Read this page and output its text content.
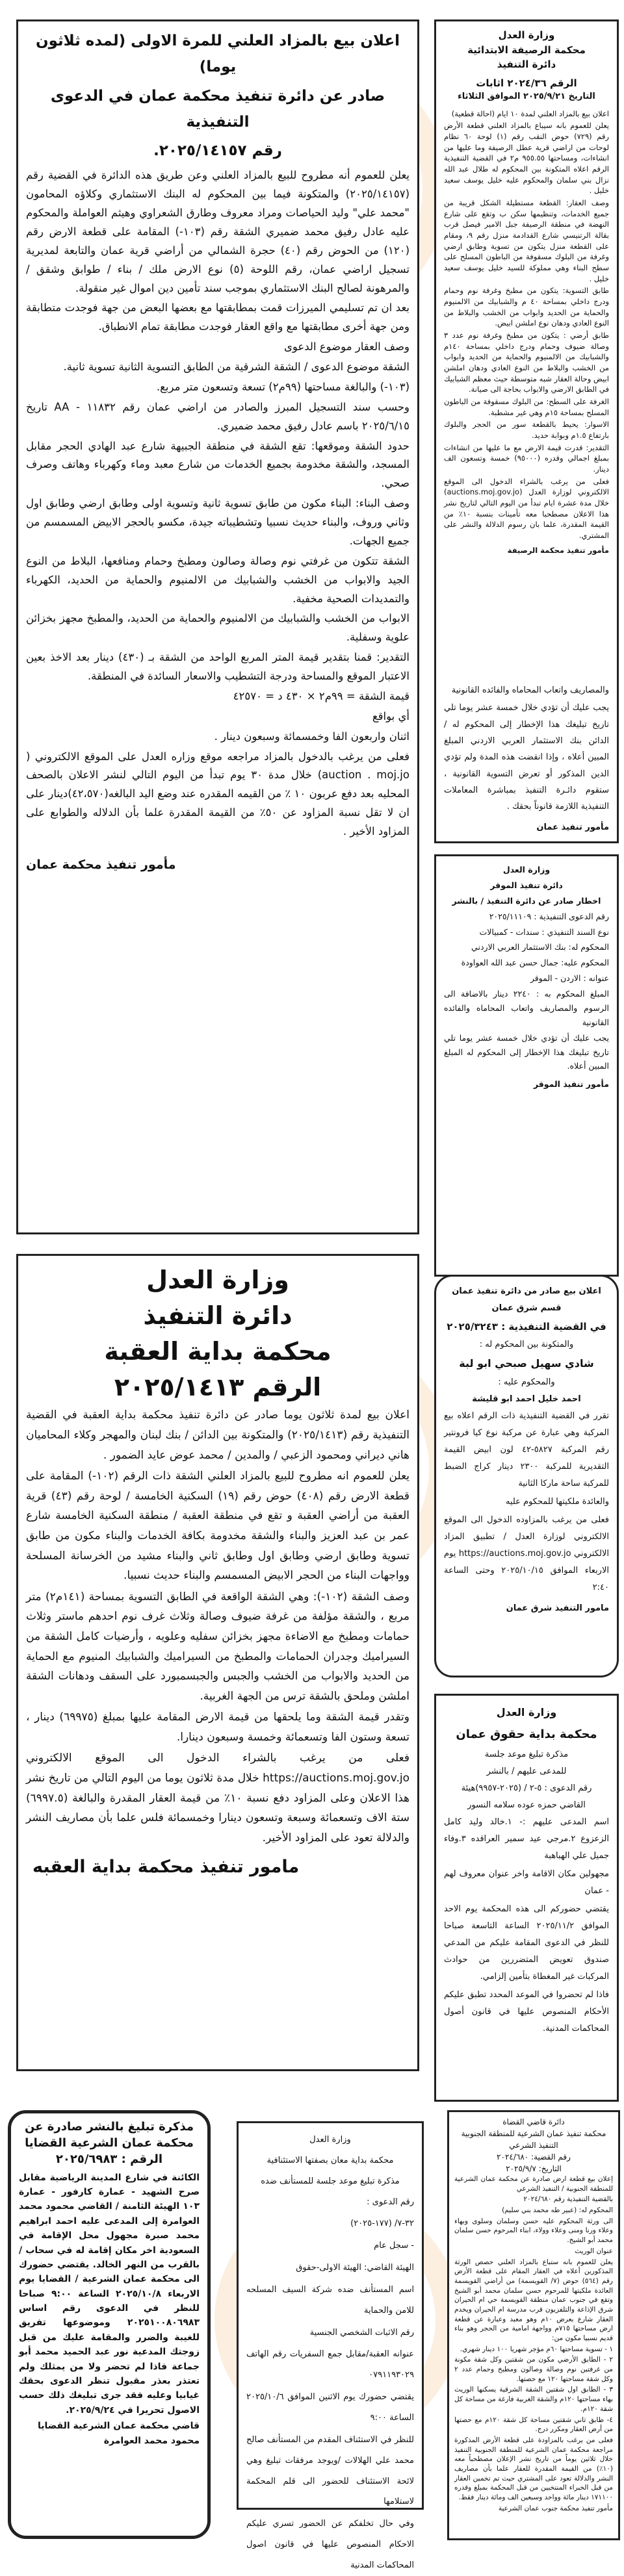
اعلان بيع بالمزاد العلني للمرة الاولى (لمده ثلاثون يوما)
صادر عن دائرة تنفيذ محكمة عمان في الدعوى التنفيذية
رقم ٢٠٢٥/١٤١٥٧.
يعلن للعموم أنه مطروح للبيع بالمزاد العلني وعن طريق هذه الدائرة في القضية رقم (٢٠٢٥/١٤١٥٧) والمتكونة فيما بين المحكوم له البنك الاستثماري وكلاؤه المحامون "محمد علي" وليد الحياصات ومراد معروف وطارق الشعراوي وهيثم العواملة والمحكوم عليه عادل رفيق محمد ضميري الشقة رقم (١٠٣-) المقامة على قطعة الارض رقم (١٢٠) من الحوض رقم (٤٠) حجرة الشمالي من أراضي قرية عمان والتابعة لمديرية تسجيل اراضي عمان، رقم اللوحة (٥) نوع الارض ملك / بناء / طوابق وشقق / والمرهونة لصالح البنك الاستثماري بموجب سند تأمين دين اموال غير منقولة.
بعد ان تم تسليمي الميرزات قمت بمطابقتها مع بعضها البعض من جهة فوجدت متطابقة ومن جهة أخرى مطابقتها مع واقع العقار فوجدت مطابقة تمام الانطباق.
وصف العقار موضوع الدعوى
الشقة موضوع الدعوى / الشقة الشرقية من الطابق التسوية الثانية تسوية ثانية.
(١٠٣-) والبالغة مساحتها (٩٩م٢) تسعة وتسعون متر مربع.
وحسب سند التسجيل المبرز والصادر من اراضي عمان رقم ١١٨٣٢ - AA تاريخ ٢٠٢٥/٦/١٥ باسم عادل رفيق محمد ضميري.
حدود الشقة وموقعها: تقع الشقة في منطقة الجبيهة شارع عبد الهادي الحجر مقابل المسجد، والشقة مخدومة بجميع الخدمات من شارع معبد وماء وكهرباء وهاتف وصرف صحي.
وصف البناء: البناء مكون من طابق تسوية ثانية وتسوية اولى وطابق ارضي وطابق اول وثاني وروف، والبناء حديث نسبيا وتشطيباته جيدة، مكسو بالحجر الابيض المسمسم من جميع الجهات.
الشقة تتكون من غرفتي نوم وصالة وصالون ومطبخ وحمام ومنافعها، البلاط من النوع الجيد والابواب من الخشب والشبابيك من الالمنيوم والحماية من الحديد، الكهرباء والتمديدات الصحية مخفية.
الابواب من الخشب والشبابيك من الالمنيوم والحماية من الحديد، والمطبخ مجهز بخزائن علوية وسفلية.
التقدير: قمنا بتقدير قيمة المتر المربع الواحد من الشقة بـ (٤٣٠) دينار بعد الاخذ بعين الاعتبار الموقع والمساحة ودرجة التشطيب والاسعار السائدة في المنطقة.
قيمة الشقة = ٩٩م٢ × ٤٣٠ د = ٤٢٥٧٠
أي بواقع
اثنان واربعون الفا وخمسمائة وسبعون دينار .
فعلى من يرغب بالدخول بالمزاد مراجعه موقع وزاره العدل على الموقع الالكتروني ( auction . moj.jo) خلال مدة ٣٠ يوم تبدأ من اليوم التالي لنشر الاعلان بالصحف المحليه بعد دفع عربون ١٠ ٪ من القيمه المقدره عند وضع اليد البالغه(٤٢،٥٧٠)دينار على ان لا تقل نسبة المزاود عن ٥٠٪ من القيمة المقدرة علما بأن الدلاله والطوابع على المزاود الأخير .
مأمور تنفيذ محكمة عمان
وزارة العدل
محكمة الرصيفة الابتدائية
دائرة التنفيذ
الرقم ٢٠٢٤/٣٦ اثابات
التاريخ ٢٠٢٥/٩/٢١ الموافق الثلاثاء
اعلان بيع بالمزاد العلني لمدة ١٠ ايام (احالة قطعية)
يعلن للعموم بانه سيباع بالمزاد العلني قطعة الأرض رقم (٧٢٩) حوض النقب رقم (١) لوحة ٦٠ نظام لوحات من اراضي قرية عطل الرصيفة وما عليها من انشاءات، ومساحتها ٩٥٥.٥٥ م٢ في القضية التنفيذية الرقم اعلاه المتكونة بين المحكوم له طلال عبد الله نزال بني سلمان والمحكوم عليه خليل يوسف سعيد خليل .
وصف العقار: القطعة مستطيلة الشكل قريبة من جميع الخدمات، وتنظيمها سكن ب وتقع على شارع النهضة في منطقة الرصيفة جبل الامير فيصل قرب بقالة الرتنيسي شارع القدادمة منزل رقم ٩، ومقام على القطعة منزل يتكون من تسوية وطابق ارضي وغرفة من البلوك مسقوفة من الباطون المسلح على سطح البناء وهي مملوكة للسيد خليل يوسف سعيد خليل .
طابق التسوية: يتكون من مطبخ وغرفة نوم وحمام ودرج داخلي بمساحة ٤٠ م والشبابيك من الالمنيوم والحماية من الحديد وابواب من الخشب والبلاط من النوع العادي ودهان نوع املشن ابيض.
طابق أرضي : يتكون من مطبخ وغرفة نوم عدد ٣ وصالة ضيوف وحمام ودرج داخلي بمساحة ١٤٠م والشبابيك من الالمنيوم والحماية من الحديد وابواب من الخشب والبلاط من النوع العادي ودهان املشن ابيض وحالة العقار شبه متوسطة حيث معظم الشبابيك في الطابق الارضي والابواب بحاجة الى صيانة.
الغرفة على السطح: من البلوك مسقوفة من الباطون المسلح بمساحة ١٥م وهي غير مشطبة.
الاسوار: يحيط بالقطعة سور من الحجر والبلوك بارتفاع ١.٥م وبوابة حديد.
التقدير: قدرت قيمة الارض مع ما عليها من انشاءات بمبلغ اجمالي وقدره (٩٥٠٠٠) خمسة وتسعون الف دينار.
فعلى من يرغب بالشراء الدخول الى الموقع الالكتروني لوزارة العدل (auctions.moj.gov.jo) خلال مدة عشرة ايام تبدأ من اليوم التالي لتاريخ نشر هذا الاعلان مصطحبا معه تأمينات بنسبة ١٠٪ من القيمة المقدرة، علما بان رسوم الدلالة والنشر على المشتري.
مأمور تنفيذ محكمة الرصيفة
وزارة العدل
دائرة تنفيذ الموقر
اخطار صادر عن دائرة التنفيذ / بالنشر
رقم الدعوى التنفيذية : ٢٠٢٥/١١١٠٩
نوع السند التنفيذي : سندات - كمبيالات
المحكوم له: بنك الاستثمار العربي الاردني
المحكوم عليه: جمال حسن عبد الله العواودة
عنوانه : الاردن - الموقر
المبلغ المحكوم به : ٢٢٤٠ دينار بالاضافة الى الرسوم والمصاريف واتعاب المحاماه والفائده القانونية
يجب عليك أن تؤدي خلال خمسة عشر يوما تلي تاريخ تبليغك هذا الإخطار إلى المحكوم له المبلغ المبين أعلاه.
مأمور تنفيذ الموقر
والمصاريف واتعاب المحاماه والفائده القانونية
يجب عليك أن تؤدي خلال خمسة عشر يوما تلي تاريخ تبليغك هذا الإخطار إلى المحكوم له / الدائن بنك الاستثمار العربي الاردني المبلغ المبين أعلاه ، وإذا انقضت هذه المدة ولم تؤدي الدين المذكور أو تعرض التسوية القانونية ، ستقوم دائـرة التنفيذ بمباشرة المعاملات التنفيذية اللازمة قانوناً بحقك .
مأمور تنفيذ عمان
اعلان بيع صادر من دائرة تنفيذ عمان
قسم شرق عمان
في القضية التنفيذية : ٢٠٢٥/٣٢٤٣
والمتكونة بين المحكوم له :
شادي سهيل صبحي ابو لبة
والمحكوم عليه :
احمد خليل احمد ابو قليشة
تقرر في القضية التنفيذية ذات الرقم اعلاه بيع المركبة وهي عبارة عن مركبة نوع كيا فرونتير رقم المركبة ٥٨٢٧-٤٢ لون ابيض القيمة التقديرية للمركبة ٢٣٠٠ دينار كراج الضبط للمركبة ساحة ماركا الثانية
والعائدة ملكيتها للمحكوم عليه
فعلى من يرغب بالمزاوده الدخول الى الموقع الالكتروني لوزارة العدل / تطبيق المزاد الالكتروني https://auctions.moj.gov.jo يوم الاربعاء الموافق ٢٠٢٥/١٠/١٥ وحتى الساعة ٢:٤٠
مامور التنفيذ شرق عمان
وزارة العدل
محكمة بداية حقوق عمان
مذكرة تبليغ موعد جلسة
للمدعى عليهم / بالنشر
رقم الدعوى : ٥-٢ / (٢٠٢٥-٩٩٥٧)هيئة
القاضي حمزه عوده سلامه النسور
اسم المدعى عليهم :- ١.خالد وليد كامل الزعزوع ٢.مرجي عيد سمير العراقده ٣.وفاء جميل علي الهباهبة
مجهولين مكان الاقامة واخر عنوان معروف لهم - عمان
يقتضي حضوركم الى هذه المحكمة يوم الاحد الموافق ٢٠٢٥/١١/٢ الساعة التاسعة صباحا للنظر في الدعوى المقامة عليكم من المدعي صندوق تعويض المتضررين من حوادث المركبات غير المغطاة بتأمين إلزامي.
فاذا لم تحضروا في الموعد المحدد تطبق عليكم الأحكام المنصوص عليها في قانون أصول المحاكمات المدنية.
وزارة العدل
دائرة التنفيذ
محكمة بداية العقبة
الرقم ٢٠٢٥/١٤١٣
اعلان بيع لمدة ثلاثون يوما صادر عن دائرة تنفيذ محكمة بداية العقبة في القضية التنفيذية رقم (٢٠٢٥/١٤١٣) والمتكونة بين الدائن / بنك لبنان والمهجر وكلاء المحاميان هاني ديراني ومحمود الزعبي / والمدين / محمد عوض عايد الضمور .
يعلن للعموم انه مطروح للبيع بالمزاد العلني الشقة ذات الرقم (١٠٢-) المقامة على قطعة الارض رقم (٤٠٨) حوض رقم (١٩) السكنية الخامسة / لوحة رقم (٤٣) قرية العقبة من أراضي العقبة و تقع في منطقة العقبة / منطقة السكنية الخامسة شارع عمر بن عبد العزيز والبناء والشقة مخدومة بكافة الخدمات والبناء مكون من طابق تسوية وطابق ارضي وطابق اول وطابق ثاني والبناء مشيد من الخرسانة المسلحة وواجهات البناء من الحجر الابيض المسمسم والبناء حديث نسبيا.
وصف الشقة (١٠٢-): وهي الشقة الواقعة في الطابق التسوية بمساحة (١٤١م٢) متر مربع ، والشقة مؤلفة من غرفة ضيوف وصالة وثلاث غرف نوم احدهم ماستر وثلاث حمامات ومطبخ مع الاضاءة مجهز بخزائن سفليه وعلويه ، وأرضيات كامل الشقة من السيراميك وجدران الحمامات والمطبخ من السيراميك والشبابيك المنيوم مع الحماية من الحديد والابواب من الخشب والجبس والجبسمبورد على السقف ودهانات الشقة املشن وملحق بالشقة ترس من الجهة الغربية.
وتقدر قيمة الشقة وما يلحقها من قيمة الارض المقامة عليها بمبلغ (٦٩٩٧٥) دينار ، تسعة وستون الفا وتسعمائة وخمسة وسبعون دينارا.
فعلى من يرغب بالشراء الدخول الى الموقع الالكتروني https://auctions.moj.gov.jo خلال مدة ثلاثون يوما من اليوم التالي من تاريخ نشر هذا الاعلان وعلى المزاود دفع نسبة ١٠٪ من قيمة العقار المقدرة والبالغة (٦٩٩٧.٥) ستة الاف وتسعمائة وسبعة وتسعون دينارا وخمسمائة فلس علما بأن مصاريف النشر والدلالة تعود على المزاود الأخير.
مامور تنفيذ محكمة بداية العقبه
مذكرة تبليغ بالنشر صادرة عن
محكمة عمان الشرعية القضايا
الرقم : ٢٠٢٥/٦٩٨٣
الكائنة في شارع المدينة الرياضية مقابل صرح الشهيد - عمارة كارفور - عمارة ١٠٣ الهيئة الثامنة / القاضي محمود محمد العوامرة إلى المدعى عليه احمد ابراهيم محمد صبرة مجهول محل الإقامة في السعودية اخر مكان إقامة له في سحاب / بالقرب من النهر الخالد. يقتضي حضورك الى محكمة عمان الشرعية / القضايا يوم الاربعاء ٢٠٢٥/١٠/٨ الساعة ٩:٠٠ صباحا للنظر في الدعوى رقم اساس ٢٠٢٥١٠٠٨٠٦٩٨٣ وموضوعها تفريق للغيبة والضرر والمقامة عليك من قبل زوجتك المدعية نور عبد الحميد محمد أبو جماعة فاذا لم تحضر ولا من يمثلك ولم تعتذر بعذر مقبول تنظر الدعوى بحقك غيابيا وعليه فقد جرى تبليغك ذلك حسب الاصول تحريرا في ٢٠٢٥/٩/٢٤.
قاضي محكمة عمان الشرعية القضايا
محمود محمد العوامرة
وزارة العدل
محكمة بداية معان بصفتها الاستئنافية
مذكرة تبليغ موعد جلسة للمستأنف ضده
رقم الدعوى :
٣٢-٧/ (١٧٧-٢٠٢٥)
- سجل عام
الهيئة القاضي: الهيئة الاولى-حقوق
اسم المستأنف ضده شركة السيف المسلحه للامن والحماية
رقم الاثبات الشخصي الجنسية
عنوانه العقبة/مقابل جمع السفريات رقم الهاتف ٠٧٩١١٩٣٠٢٩
يقتضي حضورك يوم الاثنين الموافق ٢٠٢٥/١٠/٦ الساعة ٩:٠٠
للنظر في الاستئناف المقدم من المستأنف صالح محمد علي الهلالات /ويوجد مرفقات تبليغ وهي لائحة الاستئناف للحضور الى قلم المحكمة لاستلامها
وفي حال تخلفكم عن الحضور تسري عليكم الاحكام المنصوص عليها في قانون اصول المحاكمات المدنية
دائرة قاضي القضاة
محكمة تنفيذ عمان الشرعية للمنطقة الجنوبية التنفيذ الشرعي
رقم القضية: ٢٠٢٤/٦٨٠
التاريخ: ٢٠٢٥/٩/٧
إعلان بيع قطعة ارض صادرة عن محكمة عمان الشرعية للمنطقة الجنوبية / التنفيذ الشرعي
بالقضية التنفيذية رقم ٢٠٢٤/٦٨٠
المحكوم له: (عبير طه محمد بني سليم)
الى ورثة المحكوم عليه حسن وسلمان وسلوى وبهاء وعلاء ورنا ومنى وعلاء وولاء، ابناء المرحوم حسن سلمان محمد أبو الشيخ.
عنوان الوريث
يعلن للعموم بانه ستباع بالمزاد العلني حصص الورثة المذكورين أعلاه في العقار المقام على قطعة الأرض رقم (٥٦٤) حوض (٧/ القويسمة) من أراضي القويسمة العائدة ملكيتها للمرحوم حسن سلمان محمد أبو الشيخ وتقع في جنوب عمان منطقة القويسمة حي ام الحيران شرق الإذاعة والتلفزيون قرب مدرسة ام الحيران ويخدم العقار شارع بعرض ١٠م وهو معبد وعبارة عن قطعة ارض مساحتها ٧١٥م وواجهة امامية من الحجر وهو بناء قديم نسبيا مكون من:
١ - تسوية مساحتها ٦٠م مؤجر شهريا ١٠٠ دينار شهري.
٢ - الطابق الأرضي مكون من شقتين وكل شقة مكونة من غرفتين نوم وصالة وصالون ومطبخ وحمام عدد ٢ وكل شقة مساحتها ١٢٠ مع حصتها.
٣ - الطابق اول شقتين الشقة الشرقية يسكنها الوريث بهاء مساحتها ١٢٠م والشقة الغربية فارغة من مساحة كل شقة ١٢٠م.
٤- طابق ثاني شقتين مساحة كل شقة ١٢٠م مع حصتها من أرض العقار ومكرر درج.
فعلى من يرغب بالمزاودة على قطعة الأرض المذكورة مراجعة محكمة عمان الشرعية للمنطقة الجنوبية التنفيذ خلال ثلاثين يوماً من تاريخ نشر الإعلان مصطحباً معه (١٠٪) من القيمة المقدرة للعقار علما بأن مصاريف النشر والدلالة تعود على المشتري حيث تم تخمين العقار من قبل الخبراء المنتخبين من قبل المحكمة بمبلغ وقدره ١٧١١٠٠ دينار مائة وواحد وسبعين الف ومائة دينار فقط.
مأمور تنفيذ محكمة جنوب عمان الشرعية
